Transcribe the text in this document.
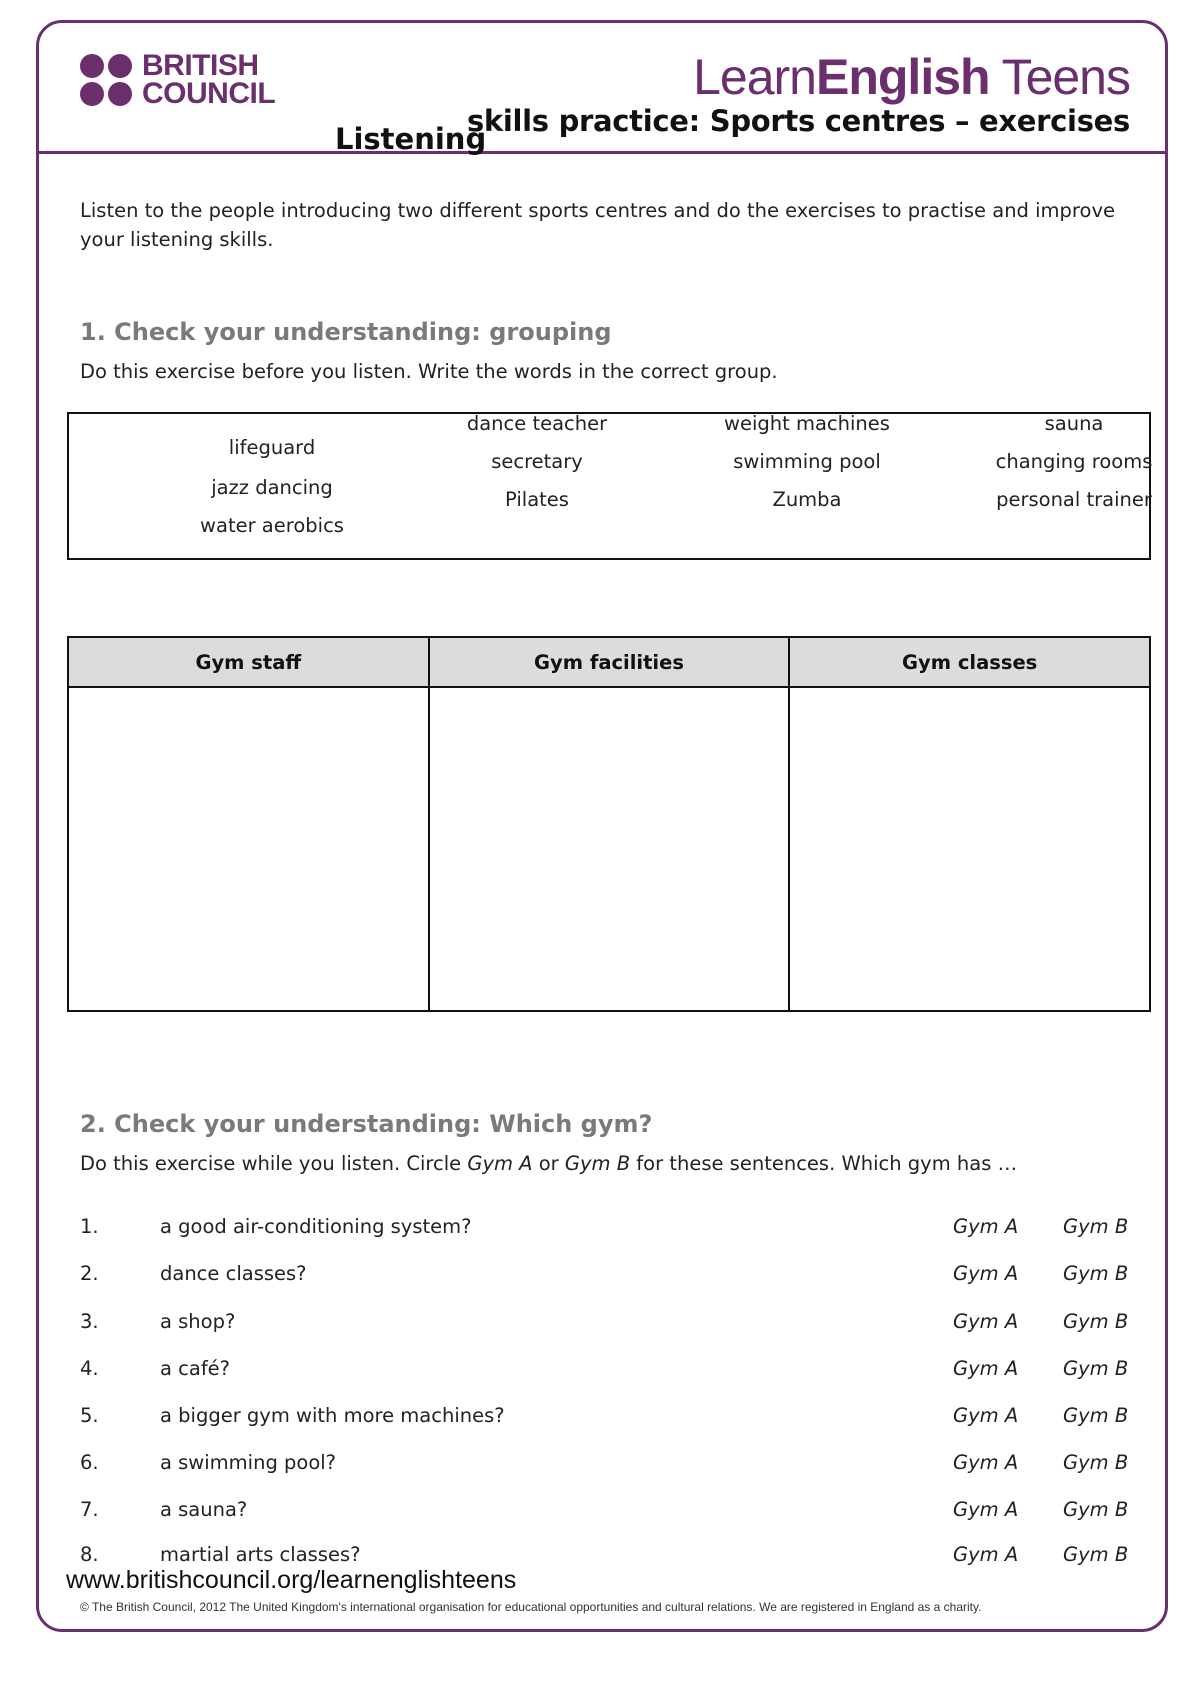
BRITISH
COUNCIL	LearnEnglish Teens
skills practice: Sports centres – exercises
Listening
Listen to the people introducing two different sports centres and do the exercises to practise and improve your listening skills.
1. Check your understanding: grouping
Do this exercise before you listen. Write the words in the correct group.
lifeguard
jazz dancing
water aerobics
dance teacher
secretary
Pilates
weight machines
swimming pool
Zumba
sauna
changing rooms
personal trainer
Gym staff	Gym facilities	Gym classes

2. Check your understanding: Which gym?
Do this exercise while you listen. Circle Gym A or Gym B for these sentences. Which gym has …
1.	a good air-conditioning system?	Gym A Gym B
2.	dance classes?	Gym A Gym B
3.	a shop?	Gym A Gym B
4.	a café?	Gym A Gym B
5.	a bigger gym with more machines?	Gym A Gym B
6.	a swimming pool?	Gym A Gym B
7.	a sauna?	Gym A Gym B
8.	martial arts classes?	Gym A Gym B
www.britishcouncil.org/learnenglishteens
© The British Council, 2012 The United Kingdom's international organisation for educational opportunities and cultural relations. We are registered in England as a charity.
